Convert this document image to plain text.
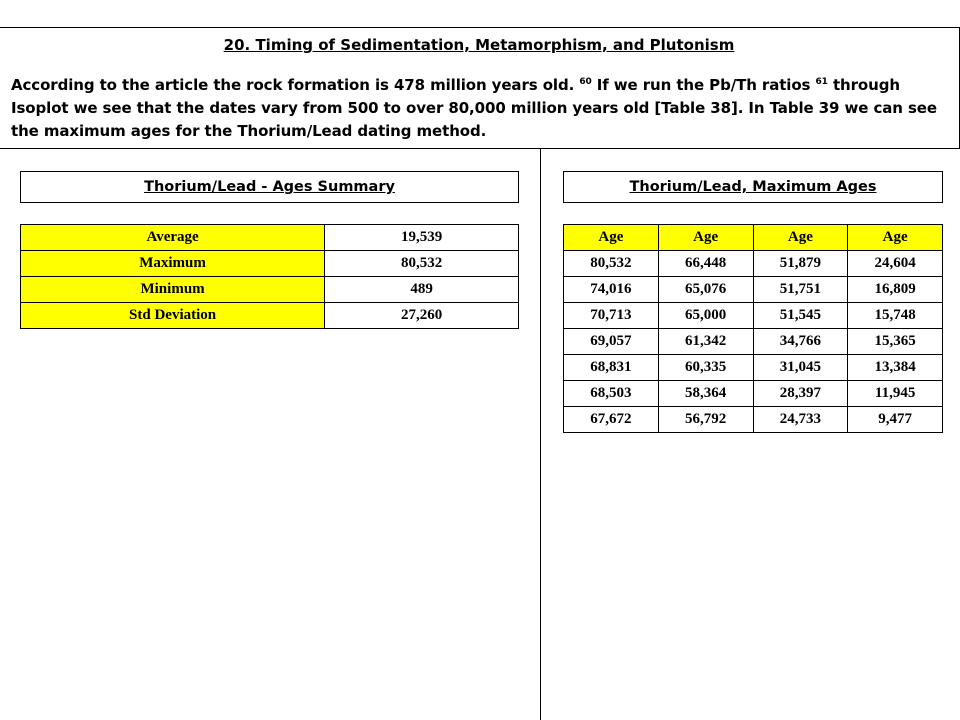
20. Timing of Sedimentation, Metamorphism, and Plutonism
According to the article the rock formation is 478 million years old. $^{60}$ If we run the Pb/Th ratios $^{61}$ through Isoplot we see that the dates vary from 500 to over 80,000 million years old [Table 38]. In Table 39 we can see the maximum ages for the Thorium/Lead dating method.
Thorium/Lead - Ages Summary	Thorium/Lead, Maximum Ages
Average	19,539
Maximum	80,532
Minimum	489
Std Deviation	27,260
Age	Age	Age	Age
80,532	66,448	51,879	24,604
74,016	65,076	51,751	16,809
70,713	65,000	51,545	15,748
69,057	61,342	34,766	15,365
68,831	60,335	31,045	13,384
68,503	58,364	28,397	11,945
67,672	56,792	24,733	9,477
